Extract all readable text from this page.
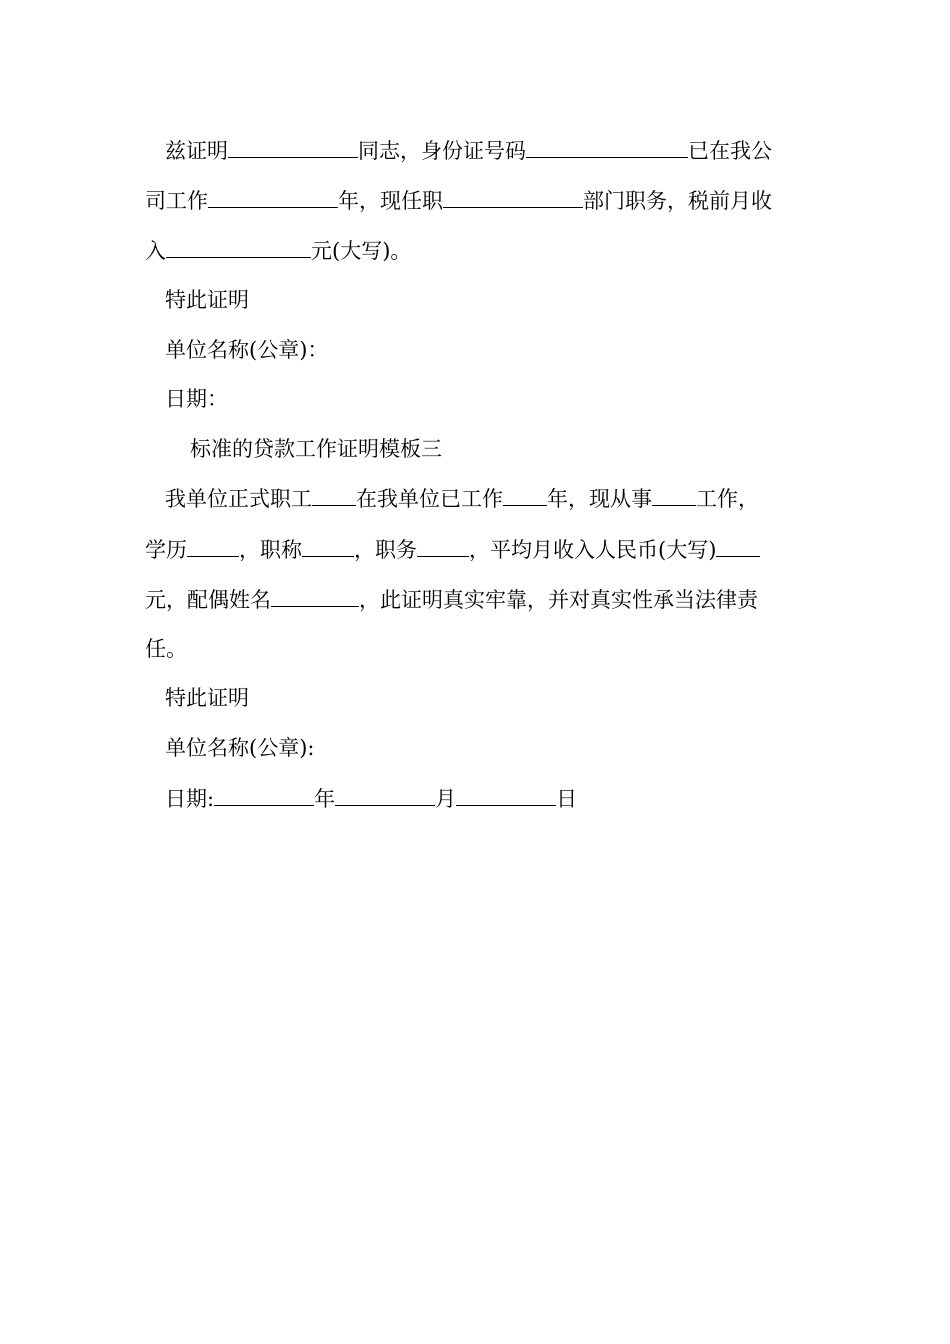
兹证明	同志，身份证号码	已在我公
司工作	年，现任职	部门职务，税前月收
入	元(大写)。
特此证明
单位名称(公章)：
日期：
标准的贷款工作证明模板三
我单位正式职工 在我单位已工作 年，现从事 工作，
学历 ，职称 ，职务 ，平均月收入人民币(大写)
元，配偶姓名	，此证明真实牢靠，并对真实性承当法律责
任。
特此证明
单位名称(公章):
日期:	年	月	日
